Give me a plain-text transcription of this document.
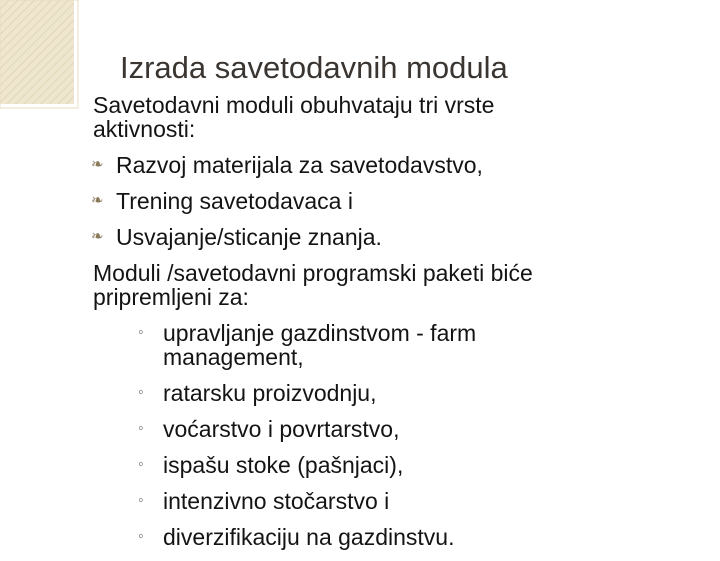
Izrada savetodavnih modula
Savetodavni moduli obuhvataju tri vrste
aktivnosti:
❧ Razvoj materijala za savetodavstvo,
❧ Trening savetodavaca i
❧ Usvajanje/sticanje znanja.
Moduli /savetodavni programski paketi biće
pripremljeni za:
◦ upravljanje gazdinstvom - farm
management,
◦ ratarsku proizvodnju,
◦ voćarstvo i povrtarstvo,
◦ ispašu stoke (pašnjaci),
◦ intenzivno stočarstvo i
◦ diverzifikaciju na gazdinstvu.
